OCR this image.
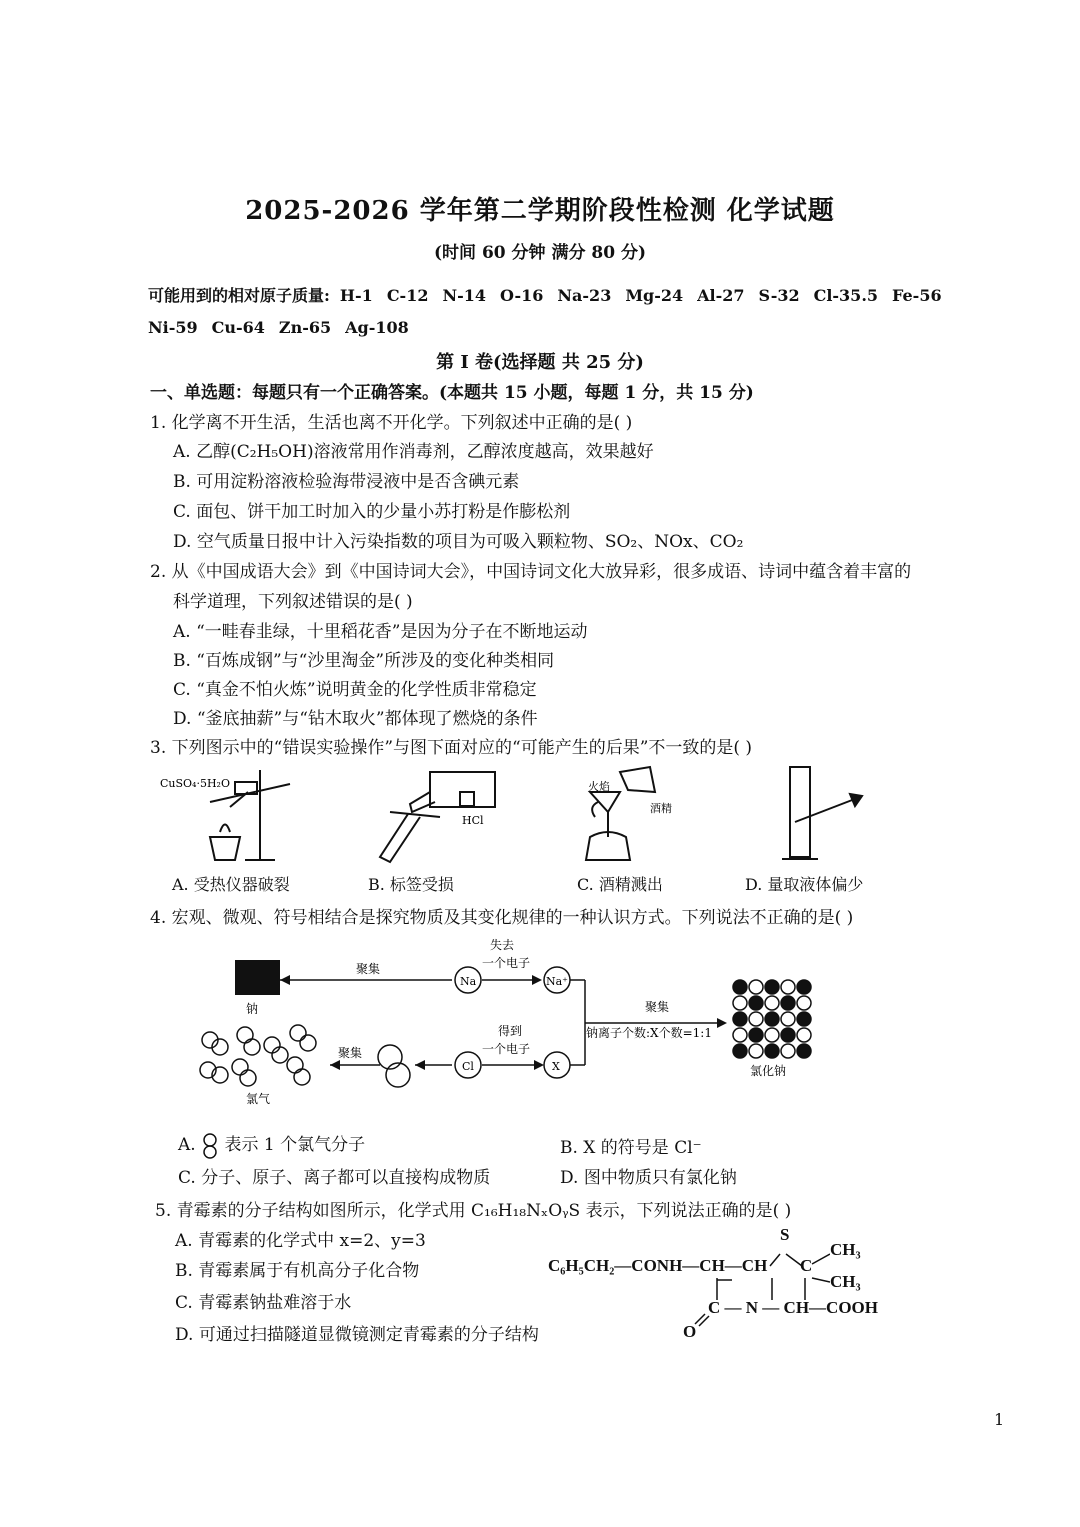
2025-2026 学年第二学期阶段性检测 化学试题
(时间 60 分钟 满分 80 分)
可能用到的相对原子质量: H-1 C-12 N-14 O-16 Na-23 Mg-24 Al-27 S-32 Cl-35.5 Fe-56
Ni-59 Cu-64 Zn-65 Ag-108
第 I 卷(选择题 共 25 分)
一、单选题：每题只有一个正确答案。(本题共 15 小题，每题 1 分，共 15 分)
1. 化学离不开生活，生活也离不开化学。下列叙述中正确的是( )
A. 乙醇(C₂H₅OH)溶液常用作消毒剂，乙醇浓度越高，效果越好
B. 可用淀粉溶液检验海带浸液中是否含碘元素
C. 面包、饼干加工时加入的少量小苏打粉是作膨松剂
D. 空气质量日报中计入污染指数的项目为可吸入颗粒物、SO₂、NOx、CO₂
2. 从《中国成语大会》到《中国诗词大会》，中国诗词文化大放异彩，很多成语、诗词中蕴含着丰富的
科学道理，下列叙述错误的是( )
A. “一畦春韭绿，十里稻花香”是因为分子在不断地运动
B. “百炼成钢”与“沙里淘金”所涉及的变化种类相同
C. “真金不怕火炼”说明黄金的化学性质非常稳定
D. “釜底抽薪”与“钻木取火”都体现了燃烧的条件
3. 下列图示中的“错误实验操作”与图下面对应的“可能产生的后果”不一致的是( )
CuSO₄·5H₂O
HCl
火焰
酒精
A. 受热仪器破裂	B. 标签受损	C. 酒精溅出	D. 量取液体偏少
4. 宏观、微观、符号相结合是探究物质及其变化规律的一种认识方式。下列说法不正确的是( )
钠
聚集
Na
失去
一个电子
Na⁺
聚集
钠离子个数:X个数=1:1
氯化钠
氯气
聚集
Cl
得到
一个电子
X
A. 表示 1 个氯气分子	B. X 的符号是 Cl⁻
C. 分子、原子、离子都可以直接构成物质	D. 图中物质只有氯化钠
5. 青霉素的分子结构如图所示，化学式用 C₁₆H₁₈NₓOᵧS 表示，下列说法正确的是( )
A. 青霉素的化学式中 x=2、y=3
B. 青霉素属于有机高分子化合物
C. 青霉素钠盐难溶于水
D. 可通过扫描隧道显微镜测定青霉素的分子结构
C₆H₅CH₂—CONH—CH—CH
S
C
CH₃
CH₃
C — N — CH—COOH
O
1
